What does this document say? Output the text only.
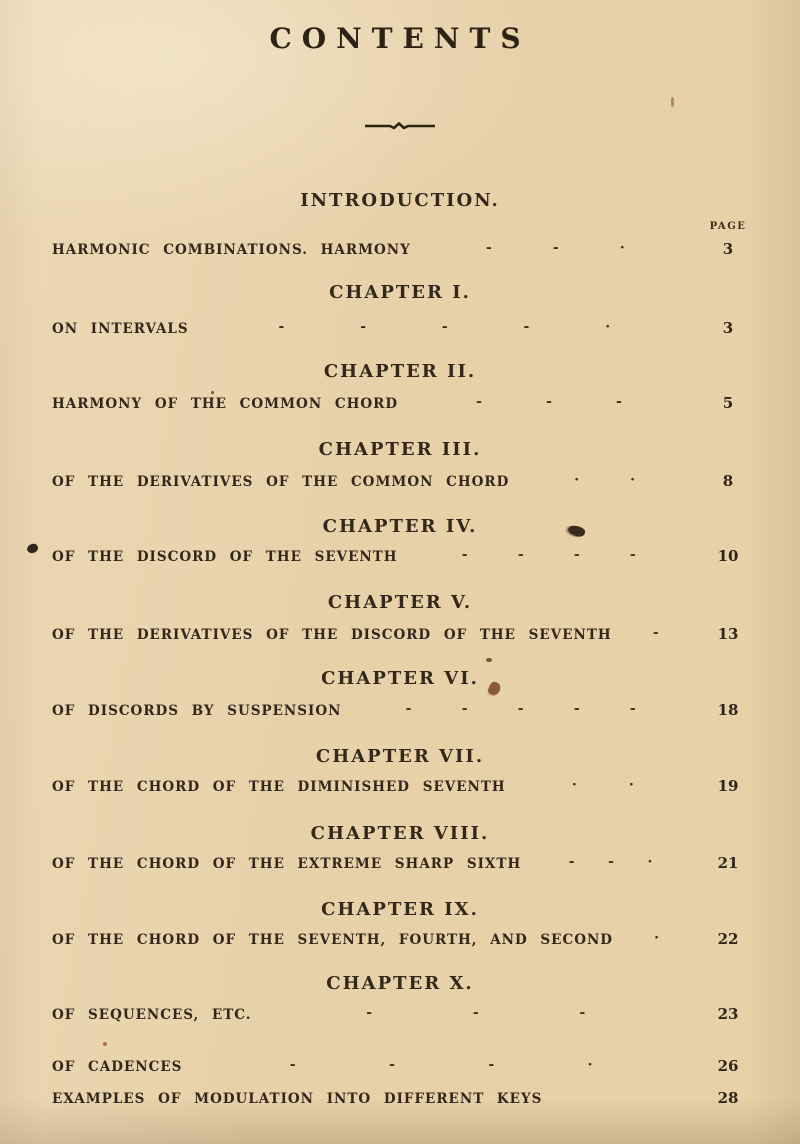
CONTENTS
INTRODUCTION.
PAGE
HARMONIC COMBINATIONS. HARMONY	-	-	·	3
CHAPTER I.
ON INTERVALS	-	-	-	-	·	3
CHAPTER II.
HARMONY OF THE COMMON CHORD	-	-	-	5
CHAPTER III.
OF THE DERIVATIVES OF THE COMMON CHORD	·	·	8
CHAPTER IV.
OF THE DISCORD OF THE SEVENTH	-	-	-	-	10
CHAPTER V.
OF THE DERIVATIVES OF THE DISCORD OF THE SEVENTH	-	13
CHAPTER VI.
OF DISCORDS BY SUSPENSION	-	-	-	-	-	18
CHAPTER VII.
OF THE CHORD OF THE DIMINISHED SEVENTH	·	·	19
CHAPTER VIII.
OF THE CHORD OF THE EXTREME SHARP SIXTH	- - ·	21
CHAPTER IX.
OF THE CHORD OF THE SEVENTH, FOURTH, AND SECOND	·	22
CHAPTER X.
OF SEQUENCES, ETC.	-	-	-	23
OF CADENCES	-	-	-	·	26
EXAMPLES OF MODULATION INTO DIFFERENT KEYS	28
